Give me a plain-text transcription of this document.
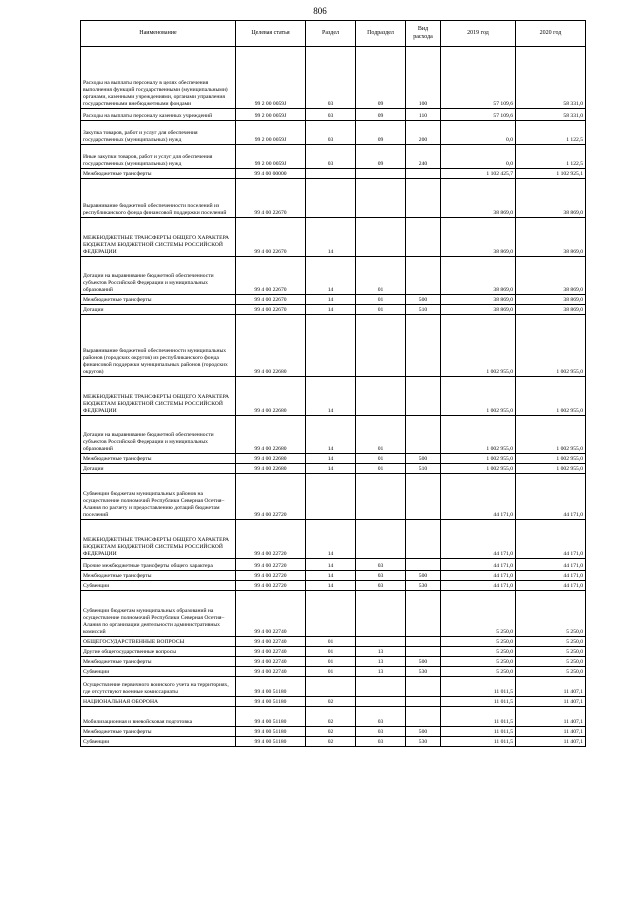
806
Наименование	Целевая статья	Раздел	Подраздел	Вид расхода	2019 год	2020 год
Расходы на выплаты персоналу в целях обеспечения выполнения функций государственными (муниципальными) органами, казенными учреждениями, органами управления государственными внебюджетными фондами	99 2 00 0059Ј	03	09	100	57 109,6	58 331,0
Расходы на выплаты персоналу казенных учреждений	99 2 00 0059Ј	03	09	110	57 109,6	58 331,0
Закупка товаров, работ и услуг для обеспечения государственных (муниципальных) нужд	99 2 00 0059Ј	03	09	200	0,0	1 122,5
Иные закупки товаров, работ и услуг для обеспечения государственных (муниципальных) нужд	99 2 00 0059Ј	03	09	240	0,0	1 122,5
Межбюджетные трансферты	99 4 00 00000				1 102 425,7	1 102 925,1
Выравнивание бюджетной обеспеченности поселений из республиканского фонда финансовой поддержки поселений	99 4 00 22670				38 869,0	38 869,0
МЕЖБЮДЖЕТНЫЕ ТРАНСФЕРТЫ ОБЩЕГО ХАРАКТЕРА БЮДЖЕТАМ БЮДЖЕТНОЙ СИСТЕМЫ РОССИЙСКОЙ ФЕДЕРАЦИИ	99 4 00 22670	14			38 869,0	38 869,0
Дотации на выравнивание бюджетной обеспеченности субъектов Российской Федерации и муниципальных образований	99 4 00 22670	14	01		38 869,0	38 869,0
Межбюджетные трансферты	99 4 00 22670	14	01	500	38 869,0	38 869,0
Дотации	99 4 00 22670	14	01	510	38 869,0	38 869,0
Выравнивание бюджетной обеспеченности муниципальных районов (городских округов) из республиканского фонда финансовой поддержки муниципальных районов (городских округов)	99 4 00 22680				1 002 955,0	1 002 955,0
МЕЖБЮДЖЕТНЫЕ ТРАНСФЕРТЫ ОБЩЕГО ХАРАКТЕРА БЮДЖЕТАМ БЮДЖЕТНОЙ СИСТЕМЫ РОССИЙСКОЙ ФЕДЕРАЦИИ	99 4 00 22680	14			1 002 955,0	1 002 955,0
Дотации на выравнивание бюджетной обеспеченности субъектов Российской Федерации и муниципальных образований	99 4 00 22680	14	01		1 002 955,0	1 002 955,0
Межбюджетные трансферты	99 4 00 22680	14	01	500	1 002 955,0	1 002 955,0
Дотации	99 4 00 22680	14	01	510	1 002 955,0	1 002 955,0
Субвенции бюджетам муниципальных районов на осуществление полномочий Республики Северная Осетия–Алания по расчету и предоставлению дотаций бюджетам поселений	99 4 00 22720				44 171,0	44 171,0
МЕЖБЮДЖЕТНЫЕ ТРАНСФЕРТЫ ОБЩЕГО ХАРАКТЕРА БЮДЖЕТАМ БЮДЖЕТНОЙ СИСТЕМЫ РОССИЙСКОЙ ФЕДЕРАЦИИ	99 4 00 22720	14			44 171,0	44 171,0
Прочие межбюджетные трансферты общего характера	99 4 00 22720	14	03		44 171,0	44 171,0
Межбюджетные трансферты	99 4 00 22720	14	03	500	44 171,0	44 171,0
Субвенции	99 4 00 22720	14	03	530	44 171,0	44 171,0
Субвенции бюджетам муниципальных образований на осуществление полномочий Республики Северная Осетия–Алания по организации деятельности административных комиссий	99 4 00 22740				5 250,0	5 250,0
ОБЩЕГОСУДАРСТВЕННЫЕ ВОПРОСЫ	99 4 00 22740	01			5 250,0	5 250,0
Другие общегосударственные вопросы	99 4 00 22740	01	13		5 250,0	5 250,0
Межбюджетные трансферты	99 4 00 22740	01	13	500	5 250,0	5 250,0
Субвенции	99 4 00 22740	01	13	530	5 250,0	5 250,0
Осуществление первичного воинского учета на территориях, где отсутствуют военные комиссариаты	99 4 00 51180				11 011,5	11 407,1
НАЦИОНАЛЬНАЯ ОБОРОНА	99 4 00 51180	02			11 011,5	11 407,1
Мобилизационная и вневойсковая подготовка	99 4 00 51180	02	03		11 011,5	11 407,1
Межбюджетные трансферты	99 4 00 51180	02	03	500	11 011,5	11 407,1
Субвенции	99 4 00 51180	02	03	530	11 011,5	11 407,1
